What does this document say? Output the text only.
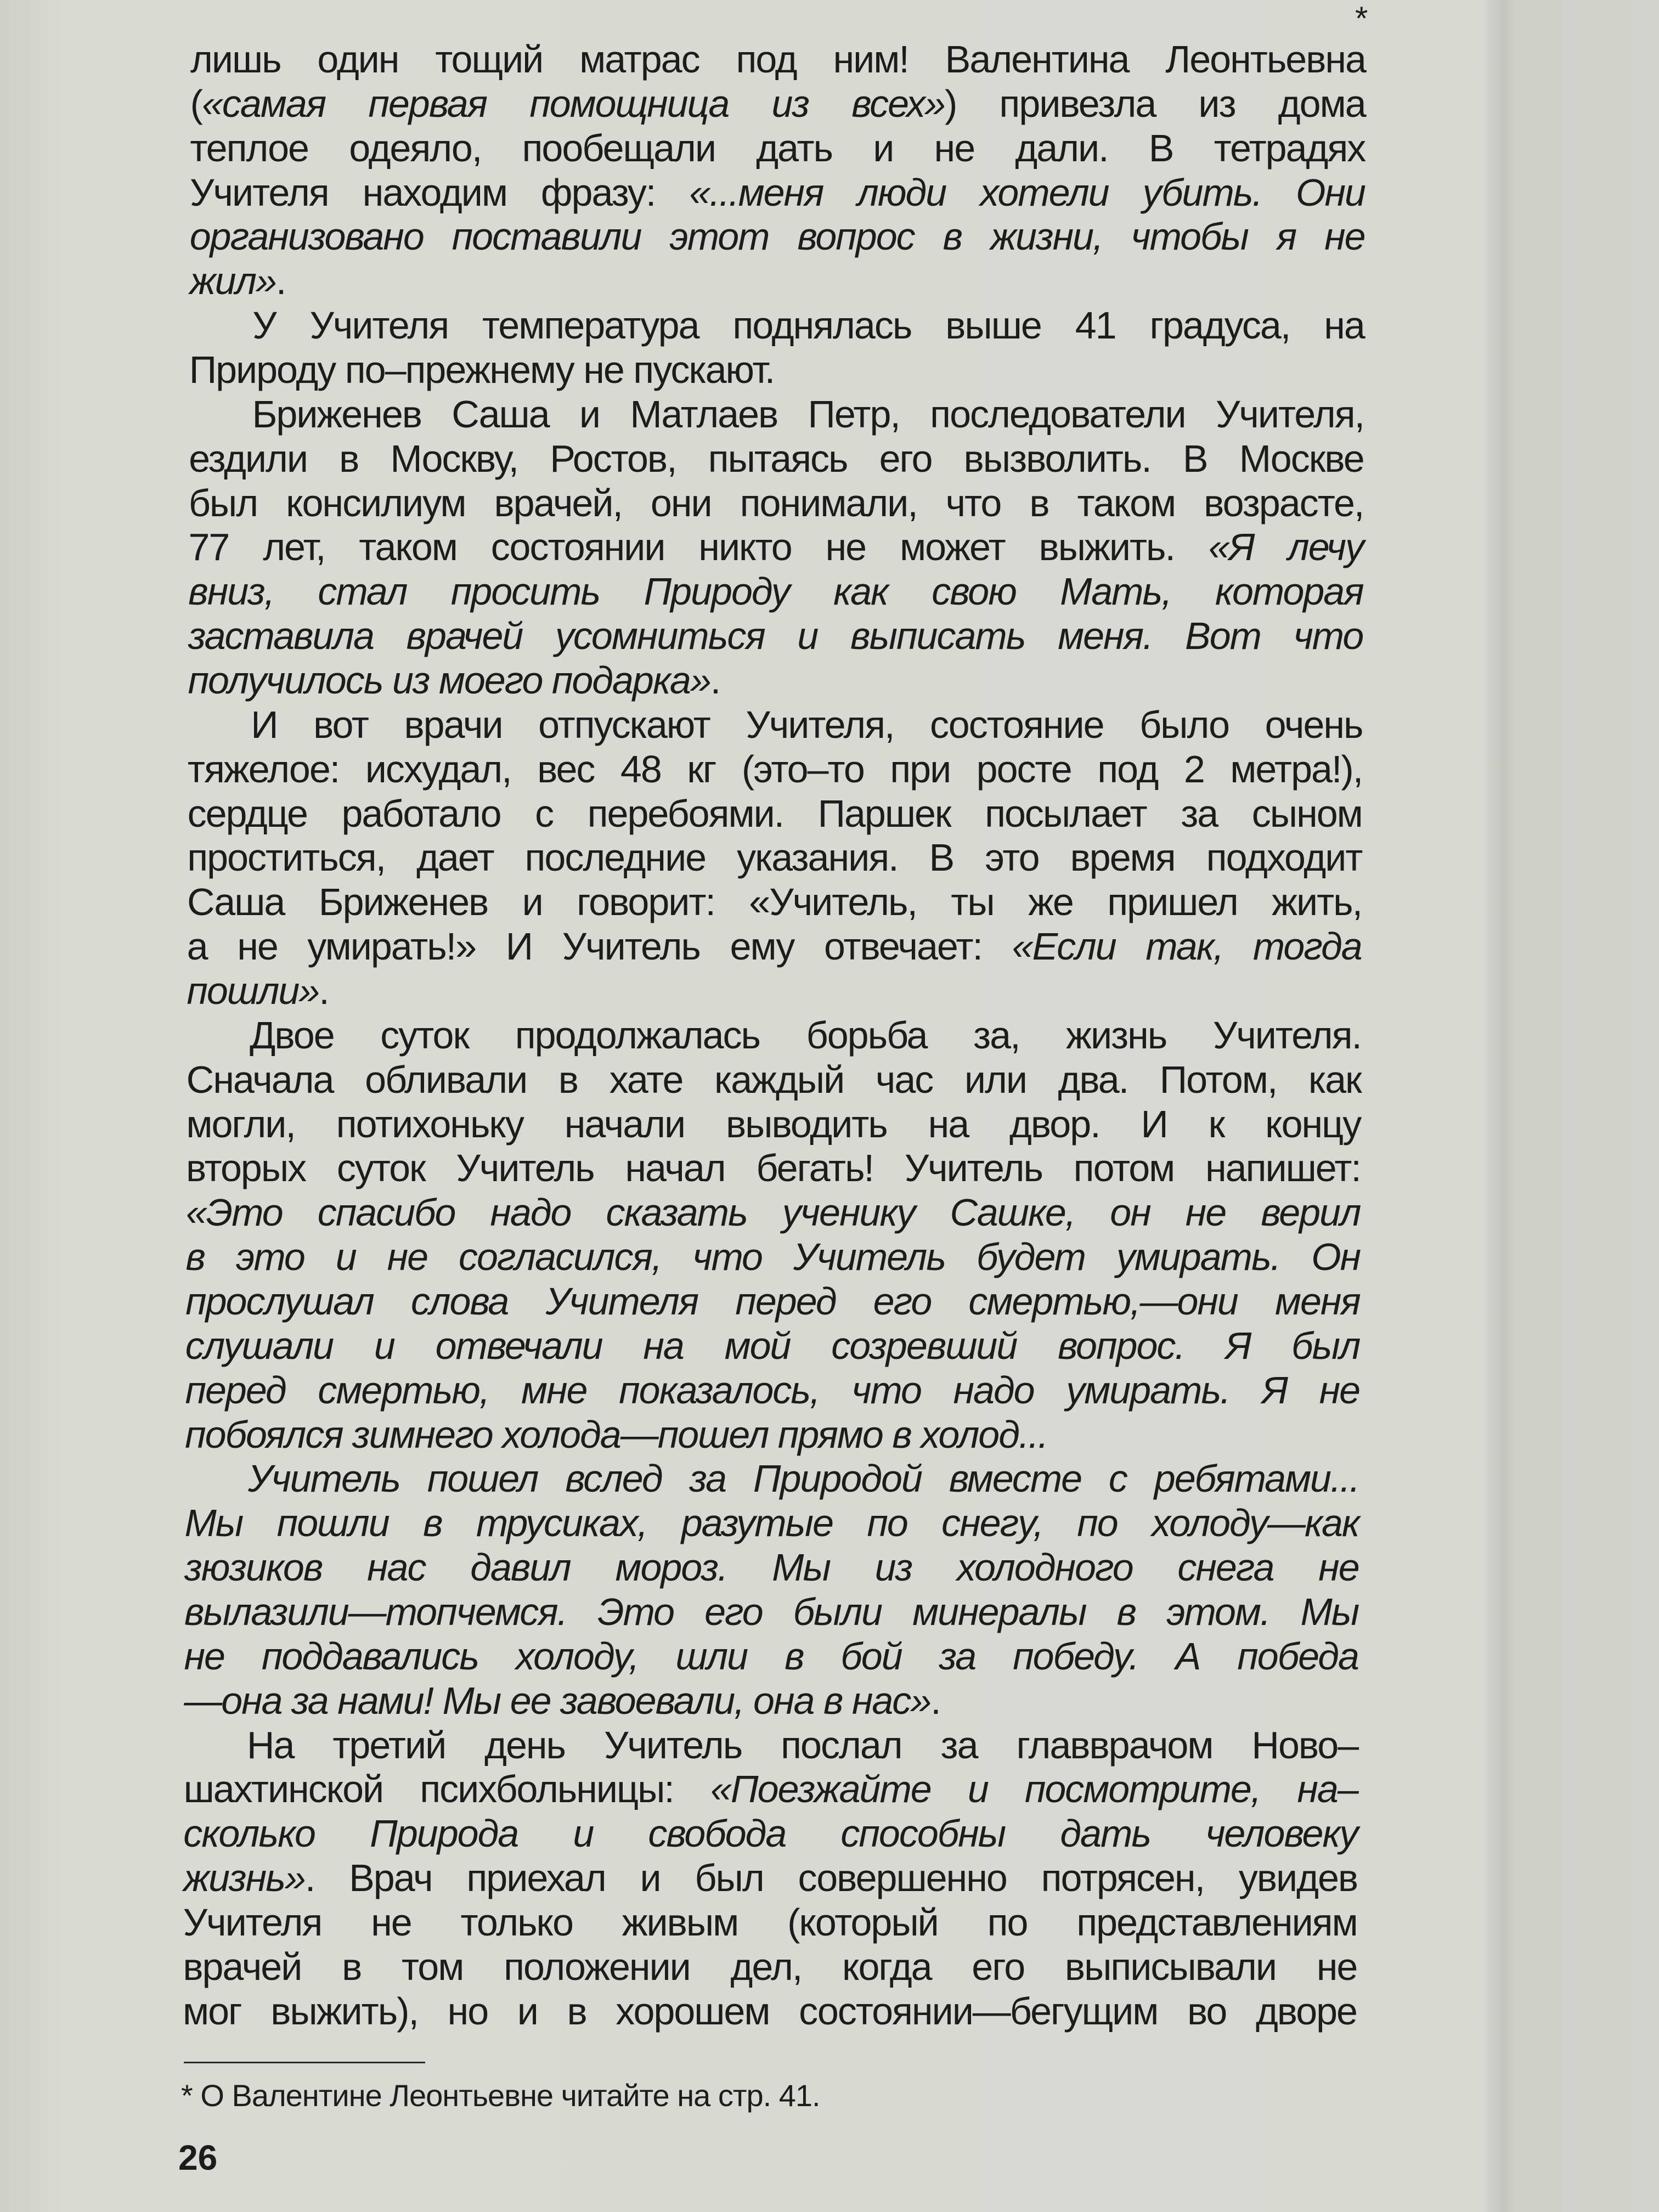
лишь один тощий матрас под ним! Валентина Леонтьевна
(«самая первая помощница из всех») привезла из дома
теплое одеяло, пообещали дать и не дали. В тетрадях
Учителя находим фразу: «...меня люди хотели убить. Они
организовано поставили этот вопрос в жизни, чтобы я не
жил».
У Учителя температура поднялась выше 41 градуса, на
Природу по–прежнему не пускают.
Бриженев Саша и Матлаев Петр, последователи Учителя,
ездили в Москву, Ростов, пытаясь его вызволить. В Москве
был консилиум врачей, они понимали, что в таком возрасте,
77 лет, таком состоянии никто не может выжить. «Я лечу
вниз, стал просить Природу как свою Мать, которая
заставила врачей усомниться и выписать меня. Вот что
получилось из моего подарка».
И вот врачи отпускают Учителя, состояние было очень
тяжелое: исхудал, вес 48 кг (это–то при росте под 2 метра!),
сердце работало с перебоями. Паршек посылает за сыном
проститься, дает последние указания. В это время подходит
Саша Бриженев и говорит: «Учитель, ты же пришел жить,
а не умирать!» И Учитель ему отвечает: «Если так, тогда
пошли».
Двое суток продолжалась борьба за, жизнь Учителя.
Сначала обливали в хате каждый час или два. Потом, как
могли, потихоньку начали выводить на двор. И к концу
вторых суток Учитель начал бегать! Учитель потом напишет:
«Это спасибо надо сказать ученику Сашке, он не верил
в это и не согласился, что Учитель будет умирать. Он
прослушал слова Учителя перед его смертью,—они меня
слушали и отвечали на мой созревший вопрос. Я был
перед смертью, мне показалось, что надо умирать. Я не
побоялся зимнего холода—пошел прямо в холод...
Учитель пошел вслед за Природой вместе с ребятами...
Мы пошли в трусиках, разутые по снегу, по холоду—как
зюзиков нас давил мороз. Мы из холодного снега не
вылазили—топчемся. Это его были минералы в этом. Мы
не поддавались холоду, шли в бой за победу. А победа
—она за нами! Мы ее завоевали, она в нас».
На третий день Учитель послал за главврачом Ново–
шахтинской психбольницы: «Поезжайте и посмотрите, на–
сколько Природа и свобода способны дать человеку
жизнь». Врач приехал и был совершенно потрясен, увидев
Учителя не только живым (который по представлениям
врачей в том положении дел, когда его выписывали не
мог выжить), но и в хорошем состоянии—бегущим во дворе
*
* О Валентине Леонтьевне читайте на стр. 41.
26
